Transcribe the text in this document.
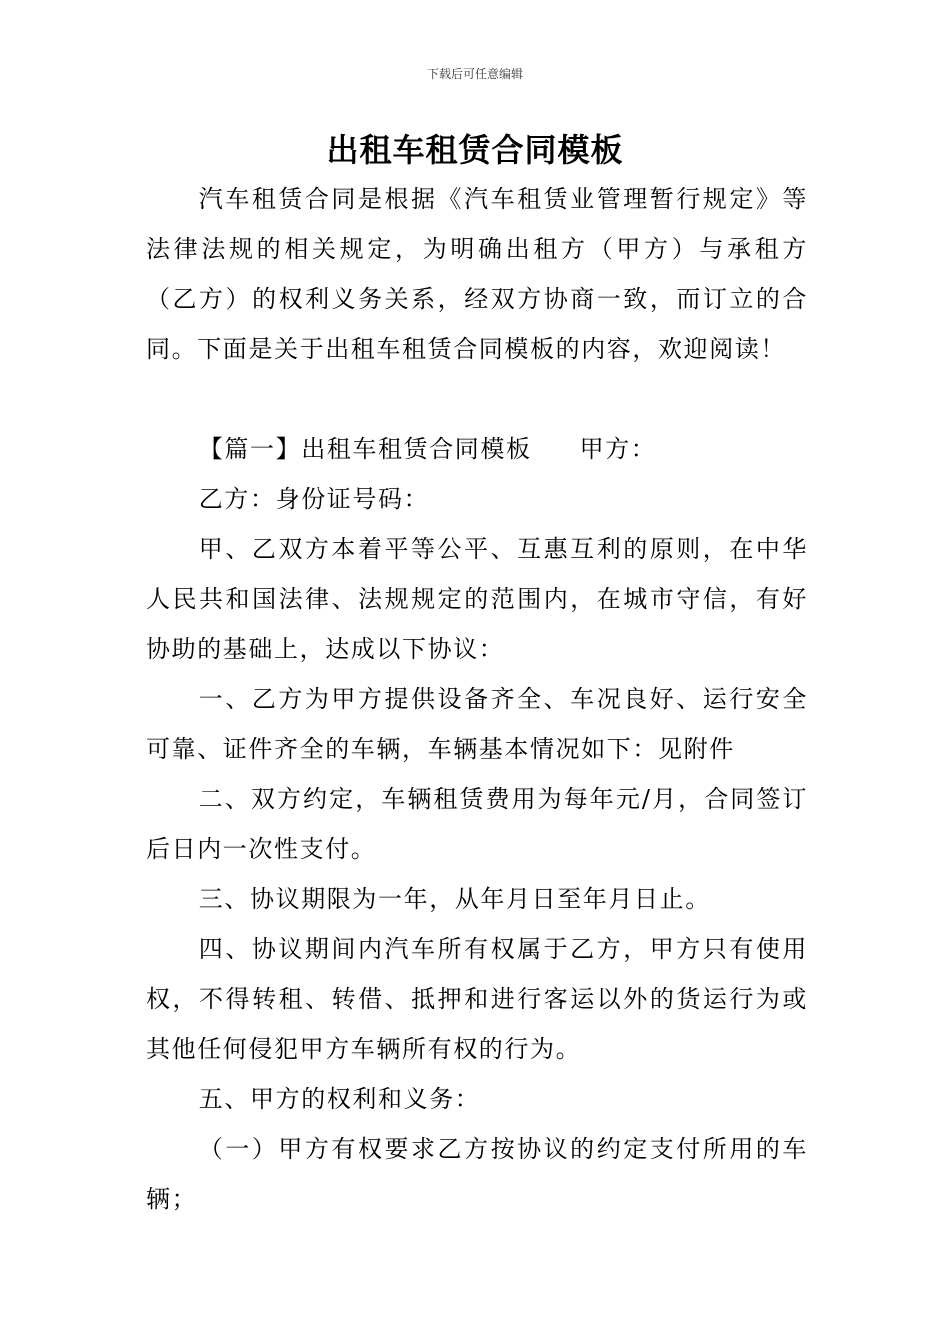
下载后可任意编辑
出租车租赁合同模板

汽车租赁合同是根据《汽车租赁业管理暂行规定》等法律法规的相关规定，为明确出租方（甲方）与承租方（乙方）的权利义务关系，经双方协商一致，而订立的合同。下面是关于出租车租赁合同模板的内容，欢迎阅读！

【篇一】出租车租赁合同模板 甲方：

乙方：身份证号码：

甲、乙双方本着平等公平、互惠互利的原则，在中华人民共和国法律、法规规定的范围内，在城市守信，有好协助的基础上，达成以下协议：

一、乙方为甲方提供设备齐全、车况良好、运行安全可靠、证件齐全的车辆，车辆基本情况如下：见附件

二、双方约定，车辆租赁费用为每年元/月，合同签订后日内一次性支付。

三、协议期限为一年，从年月日至年月日止。

四、协议期间内汽车所有权属于乙方，甲方只有使用权，不得转租、转借、抵押和进行客运以外的货运行为或其他任何侵犯甲方车辆所有权的行为。

五、甲方的权利和义务：

（一）甲方有权要求乙方按协议的约定支付所用的车辆；
